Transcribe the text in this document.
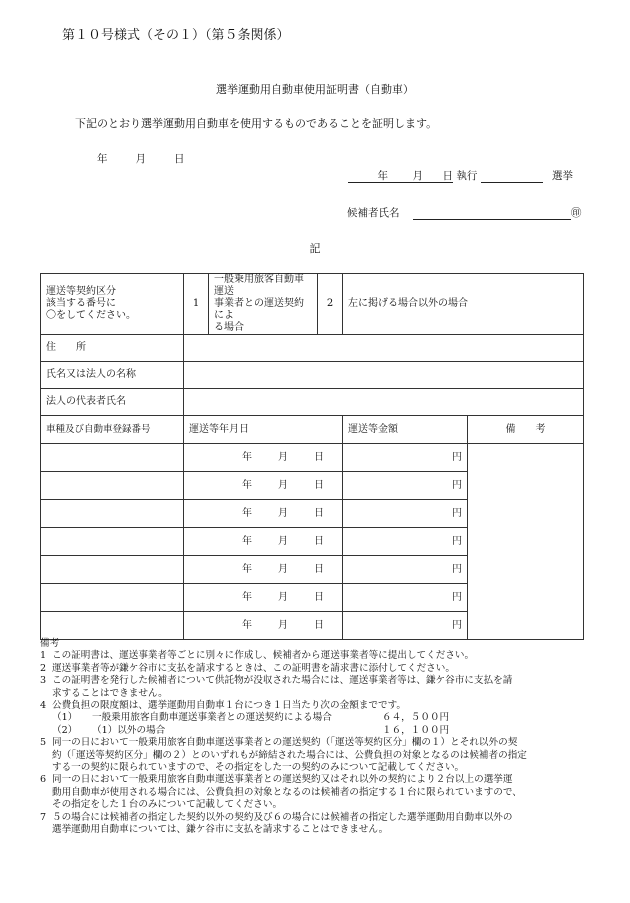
第１０号様式（その１）（第５条関係）
選挙運動用自動車使用証明書（自動車）
下記のとおり選挙運動用自動車を使用するものであることを証明します。
年	月	日
年 月 日 執行	選挙
候補者氏名	㊞
記
運送等契約区分
該当する番号に
〇をしてください。	1	一般乗用旅客自動車運送
事業者との運送契約によ
る場合	2	左に掲げる場合以外の場合	
住　　所					
氏名又は法人の名称					
法人の代表者氏名					
車種及び自動車登録番号	運送等年月日			運送等金額	備　　考
	年 月 日			円	
	年 月 日			円	
	年 月 日			円	
	年 月 日			円	
	年 月 日			円	
	年 月 日			円	
	年 月 日			円	
備考
1 この証明書は、運送事業者等ごとに別々に作成し、候補者から運送事業者等に提出してください。
2 運送事業者等が鎌ケ谷市に支払を請求するときは、この証明書を請求書に添付してください。
3 この証明書を発行した候補者について供託物が没収された場合には、運送事業者等は、鎌ケ谷市に支払を請
求することはできません。
4 公費負担の限度額は、選挙運動用自動車１台につき１日当たり次の金額までです。
（1）	一般乗用旅客自動車運送事業者との運送契約による場合	６４，５００円
（2）	（1）以外の場合	１６，１００円
5 同一の日において一般乗用旅客自動車運送事業者との運送契約（「運送等契約区分」欄の１）とそれ以外の契
約（「運送等契約区分」欄の２）とのいずれもが締結された場合には、公費負担の対象となるのは候補者の指定
する一の契約に限られていますので、その指定をした一の契約のみについて記載してください。
6 同一の日において一般乗用旅客自動車運送事業者との運送契約又はそれ以外の契約により２台以上の選挙運
動用自動車が使用される場合には、公費負担の対象となるのは候補者の指定する１台に限られていますので、
その指定をした１台のみについて記載してください。
7 ５の場合には候補者の指定した契約以外の契約及び６の場合には候補者の指定した選挙運動用自動車以外の
選挙運動用自動車については、鎌ケ谷市に支払を請求することはできません。
